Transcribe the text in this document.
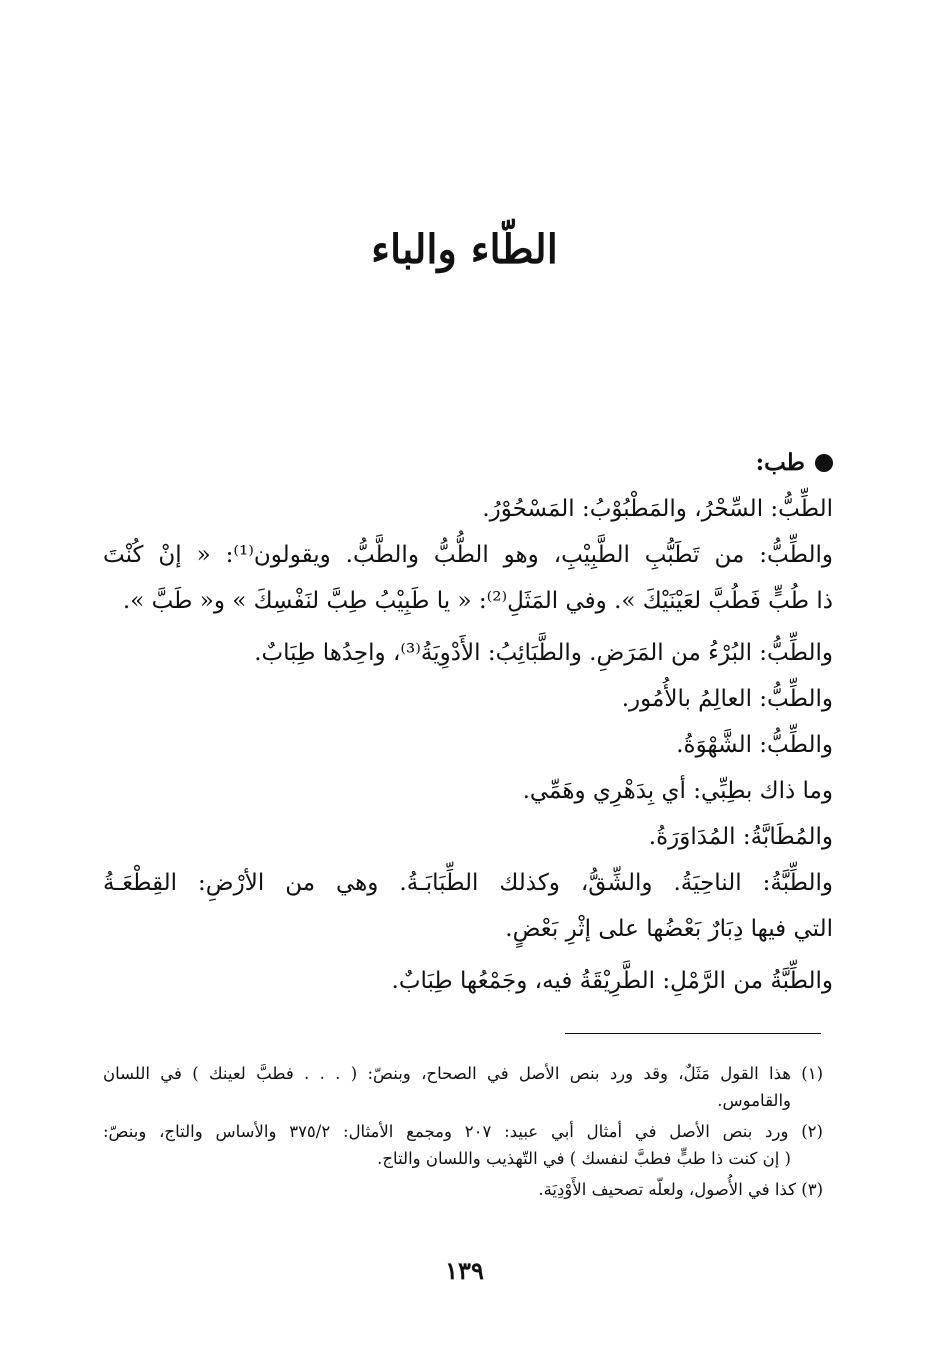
الطّاء والباء
طب:
الطِّبُّ: السِّحْرُ، والمَطْبُوْبُ: المَسْحُوْرُ.
والطِّبُّ: من تَطَبُّبِ الطَّبِيْبِ، وهو الطُّبُّ والطَّبُّ. ويقولون⁽¹⁾: « إنْ كُنْتَ
ذا طُبٍّ فَطُبَّ لعَيْنَيْكَ ». وفي المَثَلِ⁽²⁾: « يا طَبِيْبُ طِبَّ لنَفْسِكَ » و« طَبَّ ».
والطِّبُّ: البُرْءُ من المَرَضِ. والطَّبَائِبُ: الأَدْوِيَةُ⁽³⁾، واحِدُها طِبَابٌ.
والطِّبُّ: العالِمُ بالأُمُور.
والطِّبُّ: الشَّهْوَةُ.
وما ذاك بطِبِّي: أي بِدَهْرِي وهَمِّي.
والمُطَابَّةُ: المُدَاوَرَةُ.
والطِّبَّةُ: الناحِيَةُ. والشِّقُّ، وكذلك الطِّبَابَـةُ. وهي من الأرْضِ: القِطْعَـةُ
التي فيها دِبَارٌ بَعْضُها على إثْرِ بَعْضٍ.
والطِّبَّةُ من الرَّمْلِ: الطَّرِيْقَةُ فيه، وجَمْعُها طِبَابٌ.
(١) هذا القول مَثَلٌ، وقد ورد بنص الأصل في الصحاح، وبنصّ: ( . . . فطبَّ لعينك ) في اللسان
والقاموس.
(٢) ورد بنص الأصل في أمثال أبي عبيد: ٢٠٧ ومجمع الأمثال: ٣٧٥/٢ والأساس والتاج، وبنصّ:
( إن كنت ذا طبٍّ فطبَّ لنفسك ) في التّهذيب واللسان والتاج.
(٣) كذا في الأُصول، ولعلّه تصحيف الأَوْدِيَة.
١٣٩
